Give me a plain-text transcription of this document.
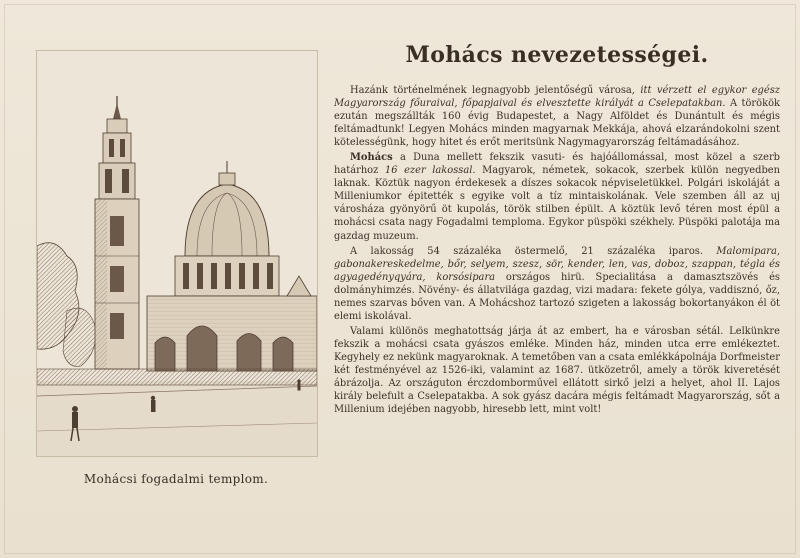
Mohácsi fogadalmi templom.
Mohács nevezetességei.

Hazánk történelmének legnagyobb jelentőségű városa, itt vérzett el egykor egész Magyarország főuraival, főpapjaival és elvesztette királyát a Cselepatakban. A törökök ezután megszállták 160 évig Budapestet, a Nagy Alföldet és Dunántult és mégis feltámadtunk! Legyen Mohács minden magyarnak Mekkája, ahová elzarándokolni szent kötelességünk, hogy hitet és erőt meritsünk Nagymagyarország feltámadásához.

Mohács a Duna mellett fekszik vasuti- és hajóállomással, most közel a szerb határhoz 16 ezer lakossal. Magyarok, németek, sokacok, szerbek külön negyedben laknak. Köztük nagyon érdekesek a díszes sokacok népviseletükkel. Polgári iskoláját a Milleniumkor épitették s egyike volt a tíz mintaiskolának. Vele szemben áll az uj városháza gyönyörű öt kupolás, török stilben épült. A köztük levő téren most épül a mohácsi csata nagy Fogadalmi temploma. Egykor püspöki székhely. Püspöki palotája ma gazdag muzeum.

A lakosság 54 százaléka östermelő, 21 százaléka iparos. Malomipara, gabonakereskedelme, bőr, selyem, szesz, sör, kender, len, vas, doboz, szappan, tégla és agyagedényqyára, korsósipara országos hirü. Specialitása a damasztszövés és dolmányhimzés. Növény- és állatvilága gazdag, vizi madara: fekete gólya, vaddisznó, őz, nemes szarvas bőven van. A Mohácshoz tartozó szigeten a lakosság bokortanyákon él öt elemi iskolával.

Valami különös meghatottság járja át az embert, ha e városban sétál. Lelkünkre fekszik a mohácsi csata gyászos emléke. Minden ház, minden utca erre emlékeztet. Kegyhely ez nekünk magyaroknak. A temetőben van a csata emlékkápolnája Dorfmeister két festményével az 1526-iki, valamint az 1687. ütközetről, amely a török kiveretését ábrázolja. Az országuton érczdomborművel ellátott sirkő jelzi a helyet, ahol II. Lajos király belefult a Cselepatakba. A sok gyász dacára mégis feltámadt Magyarország, sőt a Millenium idejében nagyobb, hiresebb lett, mint volt!
